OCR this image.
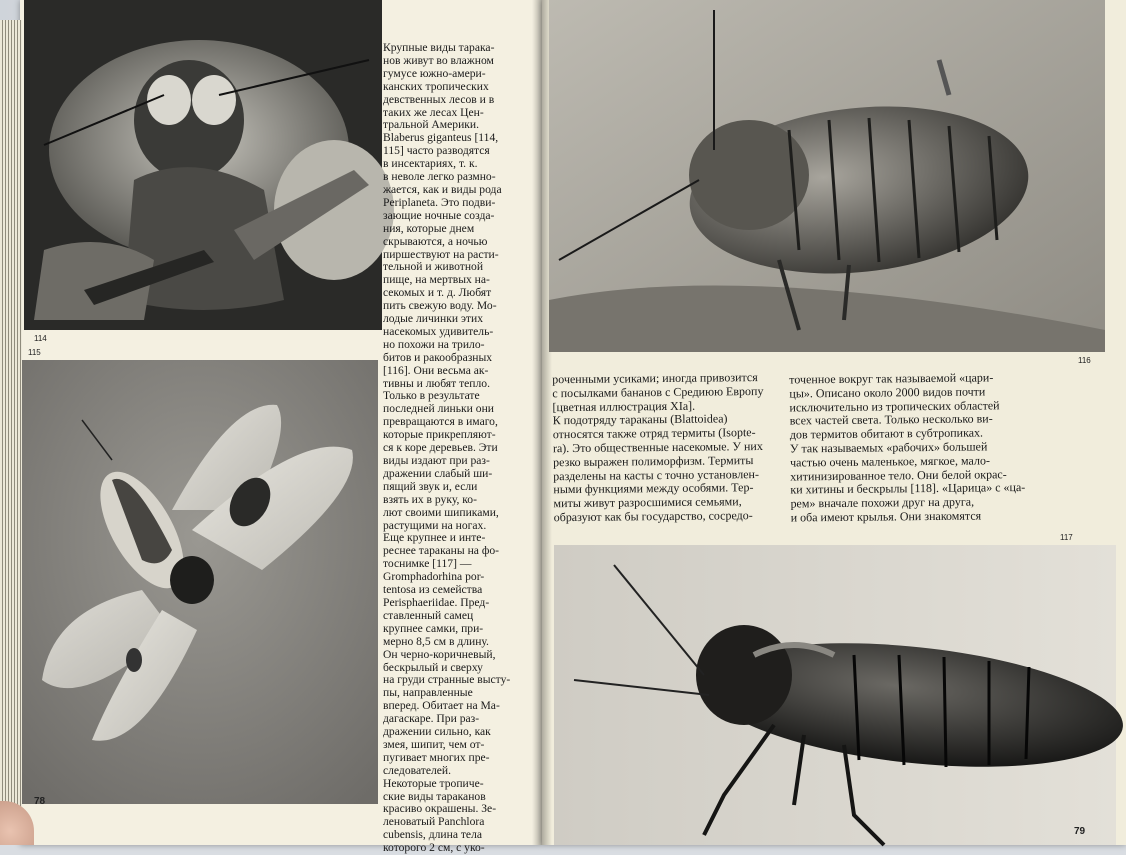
114
115
78
Крупные виды тарака-
нов живут во влажном
гумусе южно-амери-
канских тропических
девственных лесов и в
таких же лесах Цен-
тральной Америки.
Blaberus giganteus [114,
115] часто разводятся
в инсектариях, т. к.
в неволе легко размно-
жается, как и виды рода
Periplaneta. Это подви-
зающие ночные созда-
ния, которые днем
скрываются, а ночью
пиршествуют на расти-
тельной и животной
пище, на мертвых на-
секомых и т. д. Любят
пить свежую воду. Мо-
лодые личинки этих
насекомых удивитель-
но похожи на трило-
битов и ракообразных
[116]. Они весьма ак-
тивны и любят тепло.
Только в результате
последней линьки они
превращаются в имаго,
которые прикрепляют-
ся к коре деревьев. Эти
виды издают при раз-
дражении слабый ши-
пящий звук и, если
взять их в руку, ко-
лют своими шипиками,
растущими на ногах.
Еще крупнее и инте-
реснее тараканы на фо-
тоснимке [117] —
Gromphadorhina por-
tentosa из семейства
Perisphaeriidae. Пред-
ставленный самец
крупнее самки, при-
мерно 8,5 см в длину.
Он черно-коричневый,
бескрылый и сверху
на груди странные высту-
пы, направленные
вперед. Обитает на Ма-
дагаскаре. При раз-
дражении сильно, как
змея, шипит, чем от-
пугивает многих пре-
следователей.
Некоторые тропиче-
ские виды тараканов
красиво окрашены. Зе-
леноватый Panchlora
cubensis, длина тела
которого 2 см, с уко-
116
роченными усиками; иногда привозится
с посылками бананов с Средиюю Европу
[цветная иллюстрация XIa].
К подотряду тараканы (Blattoidea)
относятся также отряд термиты (Isopte-
ra). Это общественные насекомые. У них
резко выражен полиморфизм. Термиты
разделены на касты с точно установлен-
ными функциями между особями. Тер-
миты живут разросшимися семьями,
образуют как бы государство, сосредо-
точенное вокруг так называемой «цари-
цы». Описано около 2000 видов почти
исключительно из тропических областей
всех частей света. Только несколько ви-
дов термитов обитают в субтропиках.
У так называемых «рабочих» большей
частью очень маленькое, мягкое, мало-
хитинизированное тело. Они белой окрас-
ки хитины и бескрылы [118]. «Царица» с «ца-
рем» вначале похожи друг на друга,
и оба имеют крылья. Они знакомятся
117
79
